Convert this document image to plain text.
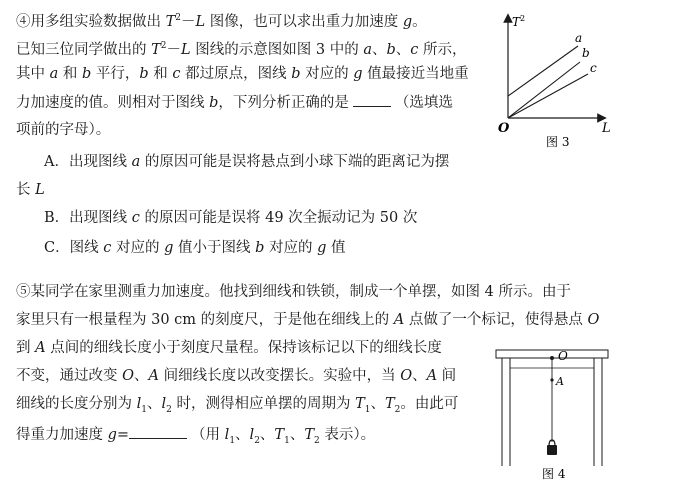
④用多组实验数据做出 $T^2-L$ 图像，也可以求出重力加速度 g。
已知三位同学做出的 $T^2-L$ 图线的示意图如图 3 中的 a、b、c 所示，
其中 a 和 b 平行，b 和 c 都过原点，图线 b 对应的 g 值最接近当地重
力加速度的值。则相对于图线 b，下列分析正确的是	（选填选
项前的字母）。
A．出现图线 a 的原因可能是误将悬点到小球下端的距离记为摆
长 L
B．出现图线 c 的原因可能是误将 49 次全振动记为 50 次
C．图线 c 对应的 g 值小于图线 b 对应的 g 值
$T^2$
L
O
a
b
c
图 3
⑤某同学在家里测重力加速度。他找到细线和铁锁，制成一个单摆，如图 4 所示。由于
家里只有一根量程为 30 cm 的刻度尺，于是他在细线上的 A 点做了一个标记，使得悬点 O
到 A 点间的细线长度小于刻度尺量程。保持该标记以下的细线长度
不变，通过改变 O、A 间细线长度以改变摆长。实验中，当 O、A 间
细线的长度分别为 $l_1$、$l_2$ 时，测得相应单摆的周期为 $T_1$、$T_2$。由此可
得重力加速度 g=	（用 $l_1$、$l_2$、$T_1$、$T_2$ 表示）。
O
A
图 4
